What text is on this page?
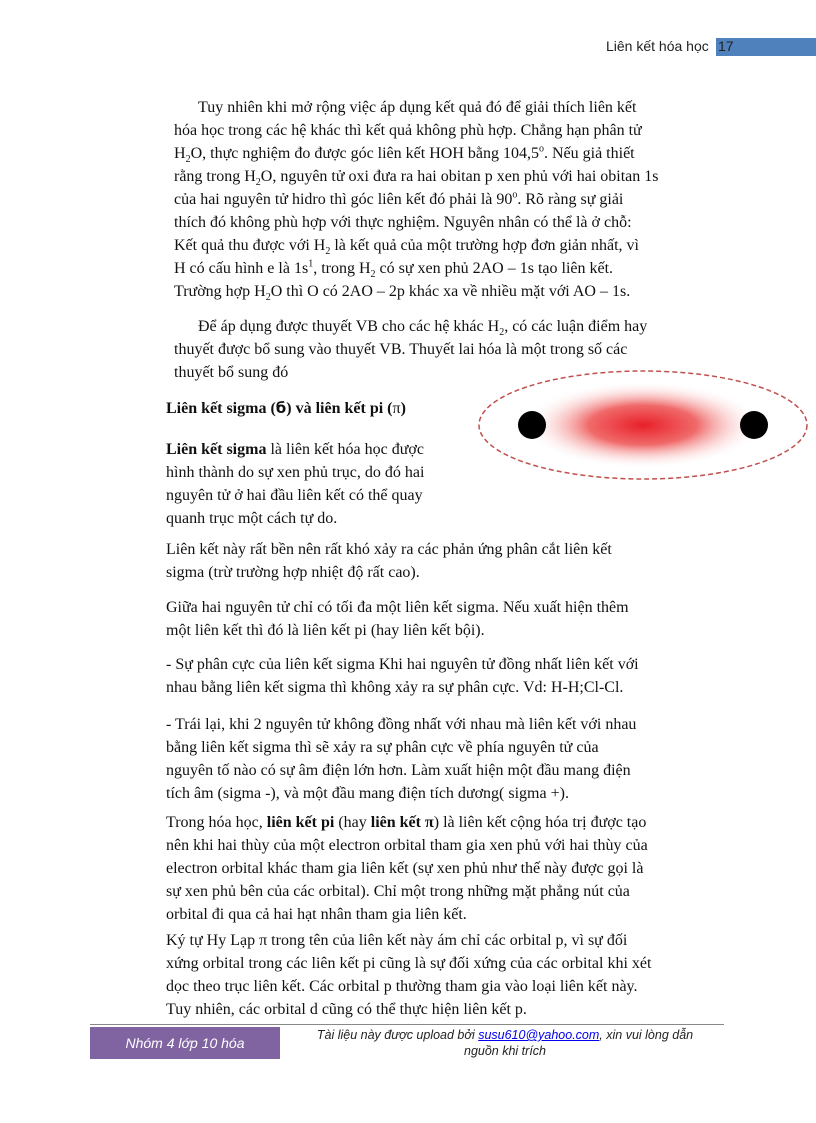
Liên kết hóa học 17
Tuy nhiên khi mở rộng việc áp dụng kết quả đó để giải thích liên kết
hóa học trong các hệ khác thì kết quả không phù hợp. Chẳng hạn phân tử
$H_2O$, thực nghiệm đo được góc liên kết HOH bằng 104,5$^o$. Nếu giả thiết
rằng trong $H_2O$, nguyên tử oxi đưa ra hai obitan p xen phủ với hai obitan 1s
của hai nguyên tử hidro thì góc liên kết đó phải là 90$^o$. Rõ ràng sự giải
thích đó không phù hợp với thực nghiệm. Nguyên nhân có thể là ở chỗ:
Kết quả thu được với $H_2$ là kết quả của một trường hợp đơn giản nhất, vì
H có cấu hình e là $1s^1$, trong $H_2$ có sự xen phủ 2AO – 1s tạo liên kết.
Trường hợp $H_2O$ thì O có 2AO – 2p khác xa về nhiều mặt với AO – 1s.
Để áp dụng được thuyết VB cho các hệ khác $H_2$, có các luận điểm hay
thuyết được bổ sung vào thuyết VB. Thuyết lai hóa là một trong số các
thuyết bổ sung đó
Liên kết sigma (б) và liên kết pi (π)
Liên kết sigma là liên kết hóa học được
hình thành do sự xen phủ trục, do đó hai
nguyên tử ở hai đầu liên kết có thể quay
quanh trục một cách tự do.
Liên kết này rất bền nên rất khó xảy ra các phản ứng phân cắt liên kết
sigma (trừ trường hợp nhiệt độ rất cao).
Giữa hai nguyên tử chỉ có tối đa một liên kết sigma. Nếu xuất hiện thêm
một liên kết thì đó là liên kết pi (hay liên kết bội).
- Sự phân cực của liên kết sigma Khi hai nguyên tử đồng nhất liên kết với
nhau bằng liên kết sigma thì không xảy ra sự phân cực. Vd: H-H;Cl-Cl.
- Trái lại, khi 2 nguyên tử không đồng nhất với nhau mà liên kết với nhau
bằng liên kết sigma thì sẽ xảy ra sự phân cực về phía nguyên tử của
nguyên tố nào có sự âm điện lớn hơn. Làm xuất hiện một đầu mang điện
tích âm (sigma -), và một đầu mang điện tích dương( sigma +).
Trong hóa học, liên kết pi (hay liên kết π) là liên kết cộng hóa trị được tạo
nên khi hai thùy của một electron orbital tham gia xen phủ với hai thùy của
electron orbital khác tham gia liên kết (sự xen phủ như thế này được gọi là
sự xen phủ bên của các orbital). Chỉ một trong những mặt phẳng nút của
orbital đi qua cả hai hạt nhân tham gia liên kết.
Ký tự Hy Lạp π trong tên của liên kết này ám chỉ các orbital p, vì sự đối
xứng orbital trong các liên kết pi cũng là sự đối xứng của các orbital khi xét
dọc theo trục liên kết. Các orbital p thường tham gia vào loại liên kết này.
Tuy nhiên, các orbital d cũng có thể thực hiện liên kết p.
Nhóm 4 lớp 10 hóa	Tài liệu này được upload bởi susu610@yahoo.com, xin vui lòng dẫn
nguồn khi trích
